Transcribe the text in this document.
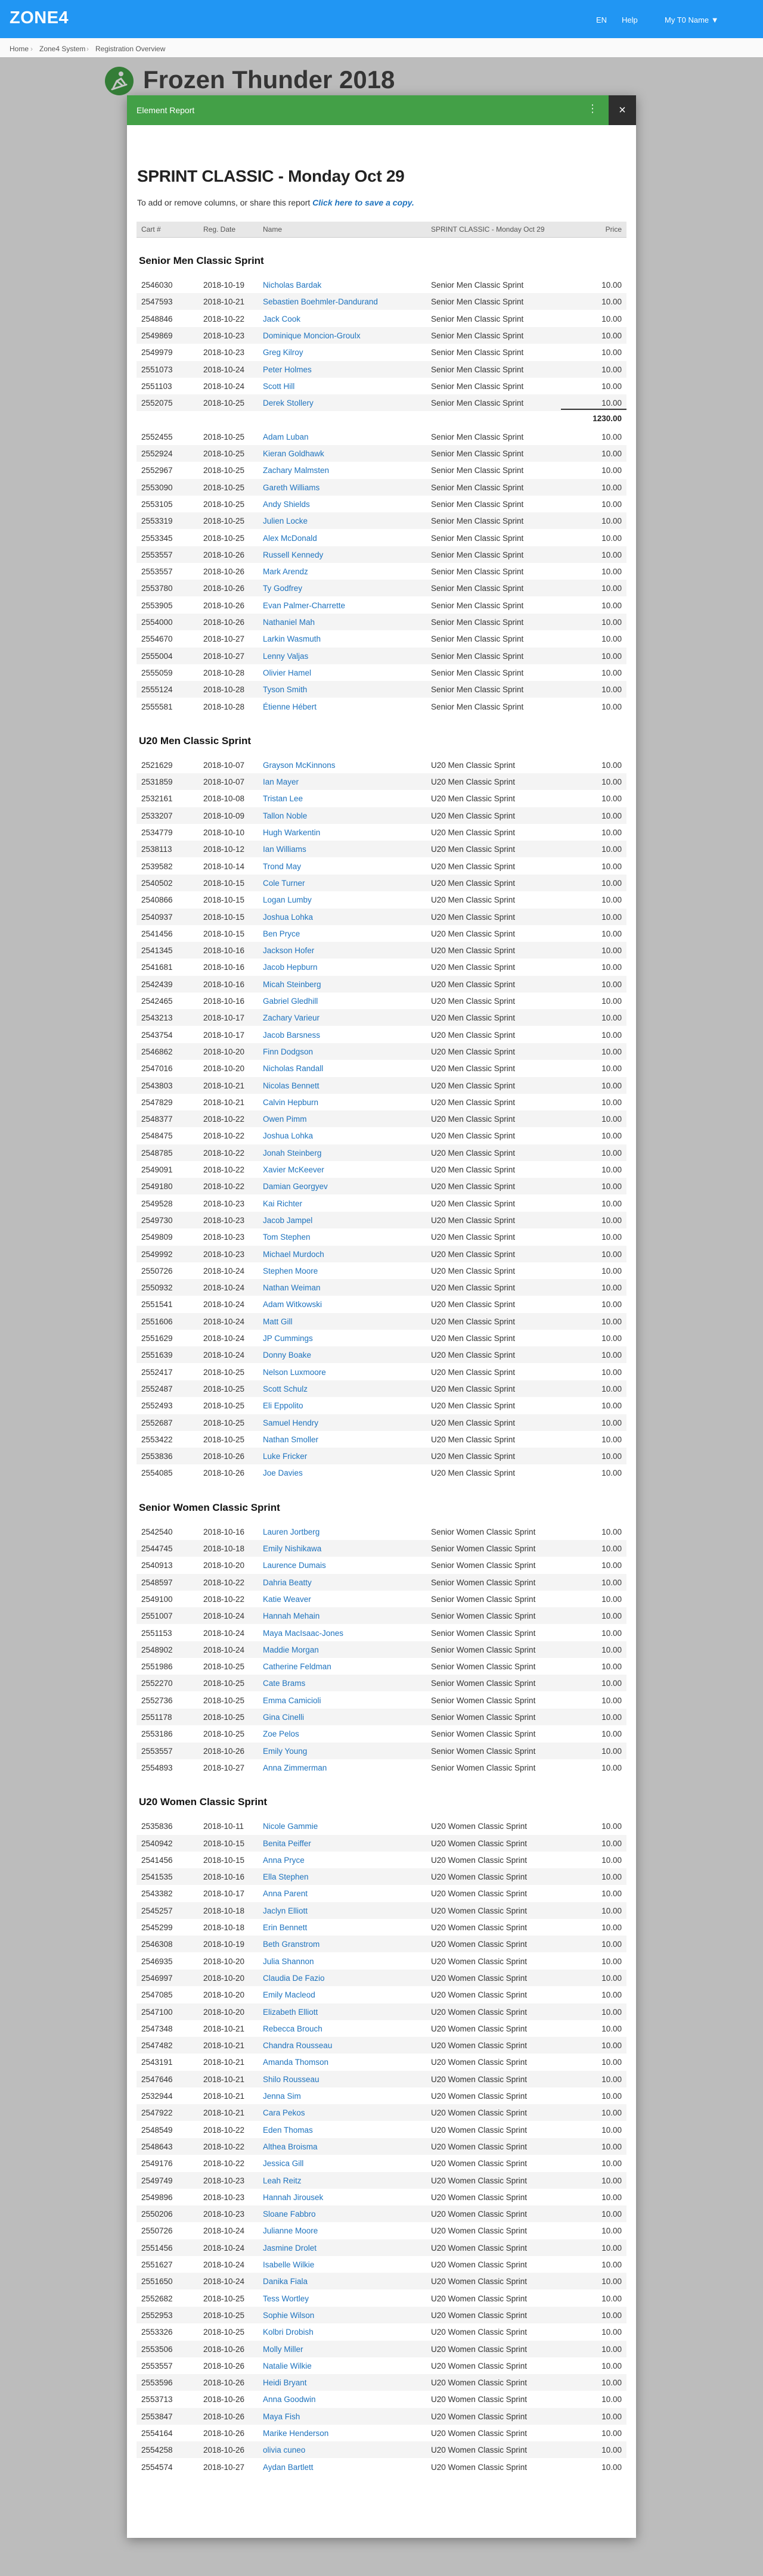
ZONE4	EN Help	My T0 Name ▼
Home › Zone4 System › Registration Overview
Frozen Thunder 2018
Element Report	⋮	×
SPRINT CLASSIC - Monday Oct 29
To add or remove columns, or share this report Click here to save a copy.
Cart #	Reg. Date	Name	SPRINT CLASSIC - Monday Oct 29	Price
Senior Men Classic Sprint
2546030	2018-10-19 Nicholas Bardak	Senior Men Classic Sprint	10.00
2547593	2018-10-21 Sebastien Boehmler-Dandurand	Senior Men Classic Sprint	10.00
2548846	2018-10-22 Jack Cook	Senior Men Classic Sprint	10.00
2549869	2018-10-23 Dominique Moncion-Groulx	Senior Men Classic Sprint	10.00
2549979	2018-10-23 Greg Kilroy	Senior Men Classic Sprint	10.00
2551073	2018-10-24 Peter Holmes	Senior Men Classic Sprint	10.00
2551103	2018-10-24 Scott Hill	Senior Men Classic Sprint	10.00
2552075	2018-10-25 Derek Stollery	Senior Men Classic Sprint	10.00
1230.00
2552455	2018-10-25 Adam Luban	Senior Men Classic Sprint	10.00
2552924	2018-10-25 Kieran Goldhawk	Senior Men Classic Sprint	10.00
2552967	2018-10-25 Zachary Malmsten	Senior Men Classic Sprint	10.00
2553090	2018-10-25 Gareth Williams	Senior Men Classic Sprint	10.00
2553105	2018-10-25 Andy Shields	Senior Men Classic Sprint	10.00
2553319	2018-10-25 Julien Locke	Senior Men Classic Sprint	10.00
2553345	2018-10-25 Alex McDonald	Senior Men Classic Sprint	10.00
2553557	2018-10-26 Russell Kennedy	Senior Men Classic Sprint	10.00
2553557	2018-10-26 Mark Arendz	Senior Men Classic Sprint	10.00
2553780	2018-10-26 Ty Godfrey	Senior Men Classic Sprint	10.00
2553905	2018-10-26 Evan Palmer-Charrette	Senior Men Classic Sprint	10.00
2554000	2018-10-26 Nathaniel Mah	Senior Men Classic Sprint	10.00
2554670	2018-10-27 Larkin Wasmuth	Senior Men Classic Sprint	10.00
2555004	2018-10-27 Lenny Valjas	Senior Men Classic Sprint	10.00
2555059	2018-10-28 Olivier Hamel	Senior Men Classic Sprint	10.00
2555124	2018-10-28 Tyson Smith	Senior Men Classic Sprint	10.00
2555581	2018-10-28 Étienne Hébert	Senior Men Classic Sprint	10.00
U20 Men Classic Sprint
2521629	2018-10-07 Grayson McKinnons	U20 Men Classic Sprint	10.00
2531859	2018-10-07 Ian Mayer	U20 Men Classic Sprint	10.00
2532161	2018-10-08 Tristan Lee	U20 Men Classic Sprint	10.00
2533207	2018-10-09 Tallon Noble	U20 Men Classic Sprint	10.00
2534779	2018-10-10 Hugh Warkentin	U20 Men Classic Sprint	10.00
2538113	2018-10-12 Ian Williams	U20 Men Classic Sprint	10.00
2539582	2018-10-14 Trond May	U20 Men Classic Sprint	10.00
2540502	2018-10-15 Cole Turner	U20 Men Classic Sprint	10.00
2540866	2018-10-15 Logan Lumby	U20 Men Classic Sprint	10.00
2540937	2018-10-15 Joshua Lohka	U20 Men Classic Sprint	10.00
2541456	2018-10-15 Ben Pryce	U20 Men Classic Sprint	10.00
2541345	2018-10-16 Jackson Hofer	U20 Men Classic Sprint	10.00
2541681	2018-10-16 Jacob Hepburn	U20 Men Classic Sprint	10.00
2542439	2018-10-16 Micah Steinberg	U20 Men Classic Sprint	10.00
2542465	2018-10-16 Gabriel Gledhill	U20 Men Classic Sprint	10.00
2543213	2018-10-17 Zachary Varieur	U20 Men Classic Sprint	10.00
2543754	2018-10-17 Jacob Barsness	U20 Men Classic Sprint	10.00
2546862	2018-10-20 Finn Dodgson	U20 Men Classic Sprint	10.00
2547016	2018-10-20 Nicholas Randall	U20 Men Classic Sprint	10.00
2543803	2018-10-21 Nicolas Bennett	U20 Men Classic Sprint	10.00
2547829	2018-10-21 Calvin Hepburn	U20 Men Classic Sprint	10.00
2548377	2018-10-22 Owen Pimm	U20 Men Classic Sprint	10.00
2548475	2018-10-22 Joshua Lohka	U20 Men Classic Sprint	10.00
2548785	2018-10-22 Jonah Steinberg	U20 Men Classic Sprint	10.00
2549091	2018-10-22 Xavier McKeever	U20 Men Classic Sprint	10.00
2549180	2018-10-22 Damian Georgyev	U20 Men Classic Sprint	10.00
2549528	2018-10-23 Kai Richter	U20 Men Classic Sprint	10.00
2549730	2018-10-23 Jacob Jampel	U20 Men Classic Sprint	10.00
2549809	2018-10-23 Tom Stephen	U20 Men Classic Sprint	10.00
2549992	2018-10-23 Michael Murdoch	U20 Men Classic Sprint	10.00
2550726	2018-10-24 Stephen Moore	U20 Men Classic Sprint	10.00
2550932	2018-10-24 Nathan Weiman	U20 Men Classic Sprint	10.00
2551541	2018-10-24 Adam Witkowski	U20 Men Classic Sprint	10.00
2551606	2018-10-24 Matt Gill	U20 Men Classic Sprint	10.00
2551629	2018-10-24 JP Cummings	U20 Men Classic Sprint	10.00
2551639	2018-10-24 Donny Boake	U20 Men Classic Sprint	10.00
2552417	2018-10-25 Nelson Luxmoore	U20 Men Classic Sprint	10.00
2552487	2018-10-25 Scott Schulz	U20 Men Classic Sprint	10.00
2552493	2018-10-25 Eli Eppolito	U20 Men Classic Sprint	10.00
2552687	2018-10-25 Samuel Hendry	U20 Men Classic Sprint	10.00
2553422	2018-10-25 Nathan Smoller	U20 Men Classic Sprint	10.00
2553836	2018-10-26 Luke Fricker	U20 Men Classic Sprint	10.00
2554085	2018-10-26 Joe Davies	U20 Men Classic Sprint	10.00
Senior Women Classic Sprint
2542540	2018-10-16 Lauren Jortberg	Senior Women Classic Sprint	10.00
2544745	2018-10-18 Emily Nishikawa	Senior Women Classic Sprint	10.00
2540913	2018-10-20 Laurence Dumais	Senior Women Classic Sprint	10.00
2548597	2018-10-22 Dahria Beatty	Senior Women Classic Sprint	10.00
2549100	2018-10-22 Katie Weaver	Senior Women Classic Sprint	10.00
2551007	2018-10-24 Hannah Mehain	Senior Women Classic Sprint	10.00
2551153	2018-10-24 Maya MacIsaac-Jones	Senior Women Classic Sprint	10.00
2548902	2018-10-24 Maddie Morgan	Senior Women Classic Sprint	10.00
2551986	2018-10-25 Catherine Feldman	Senior Women Classic Sprint	10.00
2552270	2018-10-25 Cate Brams	Senior Women Classic Sprint	10.00
2552736	2018-10-25 Emma Camicioli	Senior Women Classic Sprint	10.00
2551178	2018-10-25 Gina Cinelli	Senior Women Classic Sprint	10.00
2553186	2018-10-25 Zoe Pelos	Senior Women Classic Sprint	10.00
2553557	2018-10-26 Emily Young	Senior Women Classic Sprint	10.00
2554893	2018-10-27 Anna Zimmerman	Senior Women Classic Sprint	10.00
U20 Women Classic Sprint
2535836	2018-10-11 Nicole Gammie	U20 Women Classic Sprint	10.00
2540942	2018-10-15 Benita Peiffer	U20 Women Classic Sprint	10.00
2541456	2018-10-15 Anna Pryce	U20 Women Classic Sprint	10.00
2541535	2018-10-16 Ella Stephen	U20 Women Classic Sprint	10.00
2543382	2018-10-17 Anna Parent	U20 Women Classic Sprint	10.00
2545257	2018-10-18 Jaclyn Elliott	U20 Women Classic Sprint	10.00
2545299	2018-10-18 Erin Bennett	U20 Women Classic Sprint	10.00
2546308	2018-10-19 Beth Granstrom	U20 Women Classic Sprint	10.00
2546935	2018-10-20 Julia Shannon	U20 Women Classic Sprint	10.00
2546997	2018-10-20 Claudia De Fazio	U20 Women Classic Sprint	10.00
2547085	2018-10-20 Emily Macleod	U20 Women Classic Sprint	10.00
2547100	2018-10-20 Elizabeth Elliott	U20 Women Classic Sprint	10.00
2547348	2018-10-21 Rebecca Brouch	U20 Women Classic Sprint	10.00
2547482	2018-10-21 Chandra Rousseau	U20 Women Classic Sprint	10.00
2543191	2018-10-21 Amanda Thomson	U20 Women Classic Sprint	10.00
2547646	2018-10-21 Shilo Rousseau	U20 Women Classic Sprint	10.00
2532944	2018-10-21 Jenna Sim	U20 Women Classic Sprint	10.00
2547922	2018-10-21 Cara Pekos	U20 Women Classic Sprint	10.00
2548549	2018-10-22 Eden Thomas	U20 Women Classic Sprint	10.00
2548643	2018-10-22 Althea Broisma	U20 Women Classic Sprint	10.00
2549176	2018-10-22 Jessica Gill	U20 Women Classic Sprint	10.00
2549749	2018-10-23 Leah Reitz	U20 Women Classic Sprint	10.00
2549896	2018-10-23 Hannah Jirousek	U20 Women Classic Sprint	10.00
2550206	2018-10-23 Sloane Fabbro	U20 Women Classic Sprint	10.00
2550726	2018-10-24 Julianne Moore	U20 Women Classic Sprint	10.00
2551456	2018-10-24 Jasmine Drolet	U20 Women Classic Sprint	10.00
2551627	2018-10-24 Isabelle Wilkie	U20 Women Classic Sprint	10.00
2551650	2018-10-24 Danika Fiala	U20 Women Classic Sprint	10.00
2552682	2018-10-25 Tess Wortley	U20 Women Classic Sprint	10.00
2552953	2018-10-25 Sophie Wilson	U20 Women Classic Sprint	10.00
2553326	2018-10-25 Kolbri Drobish	U20 Women Classic Sprint	10.00
2553506	2018-10-26 Molly Miller	U20 Women Classic Sprint	10.00
2553557	2018-10-26 Natalie Wilkie	U20 Women Classic Sprint	10.00
2553596	2018-10-26 Heidi Bryant	U20 Women Classic Sprint	10.00
2553713	2018-10-26 Anna Goodwin	U20 Women Classic Sprint	10.00
2553847	2018-10-26 Maya Fish	U20 Women Classic Sprint	10.00
2554164	2018-10-26 Marike Henderson	U20 Women Classic Sprint	10.00
2554258	2018-10-26 olivia cuneo	U20 Women Classic Sprint	10.00
2554574	2018-10-27 Aydan Bartlett	U20 Women Classic Sprint	10.00
